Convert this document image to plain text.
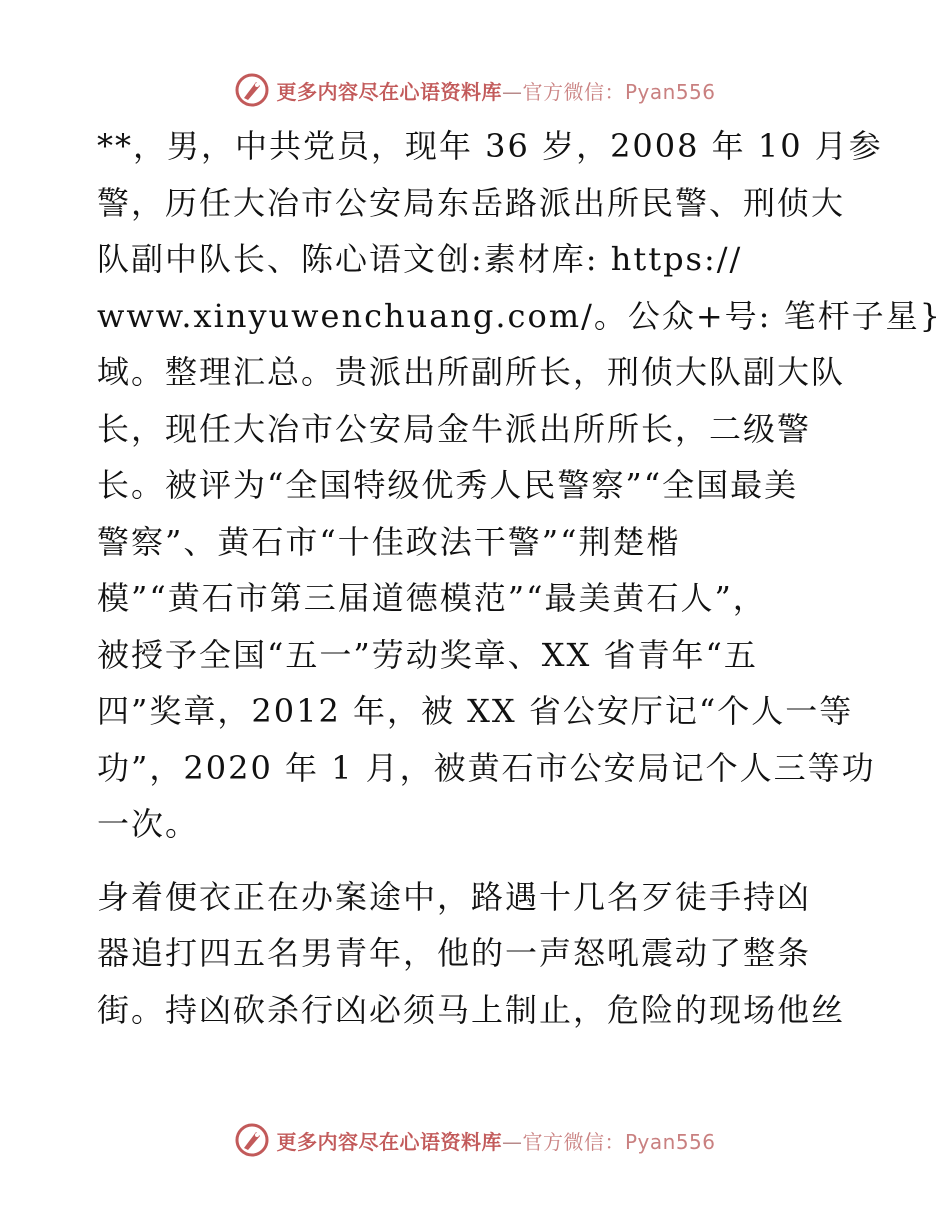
更多内容尽在心语资料库—官方微信：Pyan556

**，男，中共党员，现年 36 岁，2008 年 10 月参
警，历任大冶市公安局东岳路派出所民警、刑侦大
队副中队长、陈心语文创:素材库: https://
www.xinyuwenchuang.com/。公众+号: 笔杆子星}
域。整理汇总。贵派出所副所长，刑侦大队副大队
长，现任大冶市公安局金牛派出所所长，二级警
长。被评为“全国特级优秀人民警察”“全国最美
警察”、黄石市“十佳政法干警”“荆楚楷
模”“黄石市第三届道德模范”“最美黄石人”，
被授予全国“五一”劳动奖章、XX 省青年“五
四”奖章，2012 年，被 XX 省公安厅记“个人一等
功”，2020 年 1 月，被黄石市公安局记个人三等功
一次。

身着便衣正在办案途中，路遇十几名歹徒手持凶
器追打四五名男青年，他的一声怒吼震动了整条
街。持凶砍杀行凶必须马上制止，危险的现场他丝

更多内容尽在心语资料库—官方微信：Pyan556
